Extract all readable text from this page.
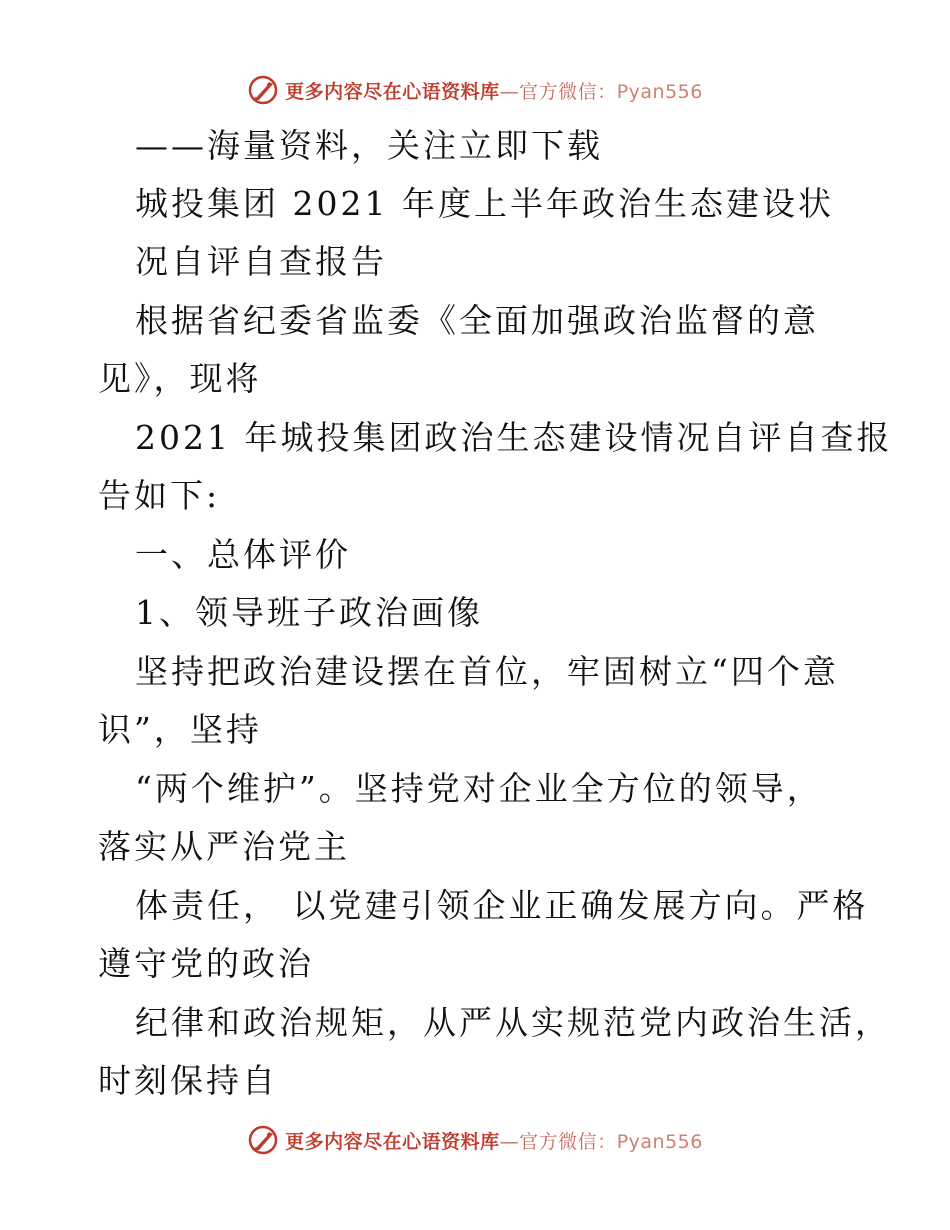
更多内容尽在心语资料库—官方微信：Pyan556
——海量资料，关注立即下载
城投集团 2021 年度上半年政治生态建设状
况自评自查报告
根据省纪委省监委《全面加强政治监督的意
见》，现将
2021 年城投集团政治生态建设情况自评自查报
告如下:
一、总体评价
1、领导班子政治画像
坚持把政治建设摆在首位，牢固树立“四个意
识”，坚持
“两个维护”。坚持党对企业全方位的领导，
落实从严治党主
体责任， 以党建引领企业正确发展方向。严格
遵守党的政治
纪律和政治规矩，从严从实规范党内政治生活，
时刻保持自
更多内容尽在心语资料库—官方微信：Pyan556
